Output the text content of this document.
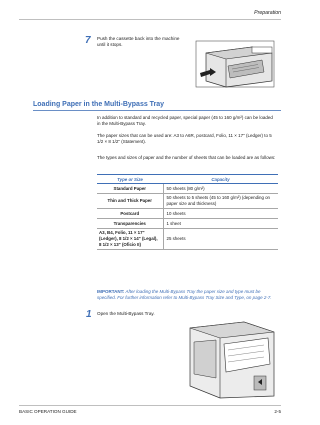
Preparation
7 Push the cassette back into the machine until it stops.
Loading Paper in the Multi-Bypass Tray
In addition to standard and recycled paper, special paper (45 to 160 g/m²) can be loaded in the Multi-Bypass Tray.
The paper sizes that can be used are: A3 to A6R, postcard, Folio, 11 × 17" (Ledger) to 5 1/2 × 8 1/2" (Statement).
The types and sizes of paper and the number of sheets that can be loaded are as follows:
Type or Size	Capacity
Standard Paper	50 sheets (80 g/m²)
Thin and Thick Paper	50 sheets to 5 sheets (45 to 160 g/m²) (depending on paper size and thickness)
Postcard	10 sheets
Transparencies	1 sheet
A3, B4, Folio, 11 × 17" (Ledger), 8 1/2 × 14" (Legal), 8 1/2 × 13" (Oficio II)	25 sheets
IMPORTANT: After loading the Multi-Bypass Tray the paper size and type must be specified. For further information refer to Multi-Bypass Tray Size and Type, on page 2-7.
1 Open the Multi-Bypass Tray.
BASIC OPERATION GUIDE	2-5
